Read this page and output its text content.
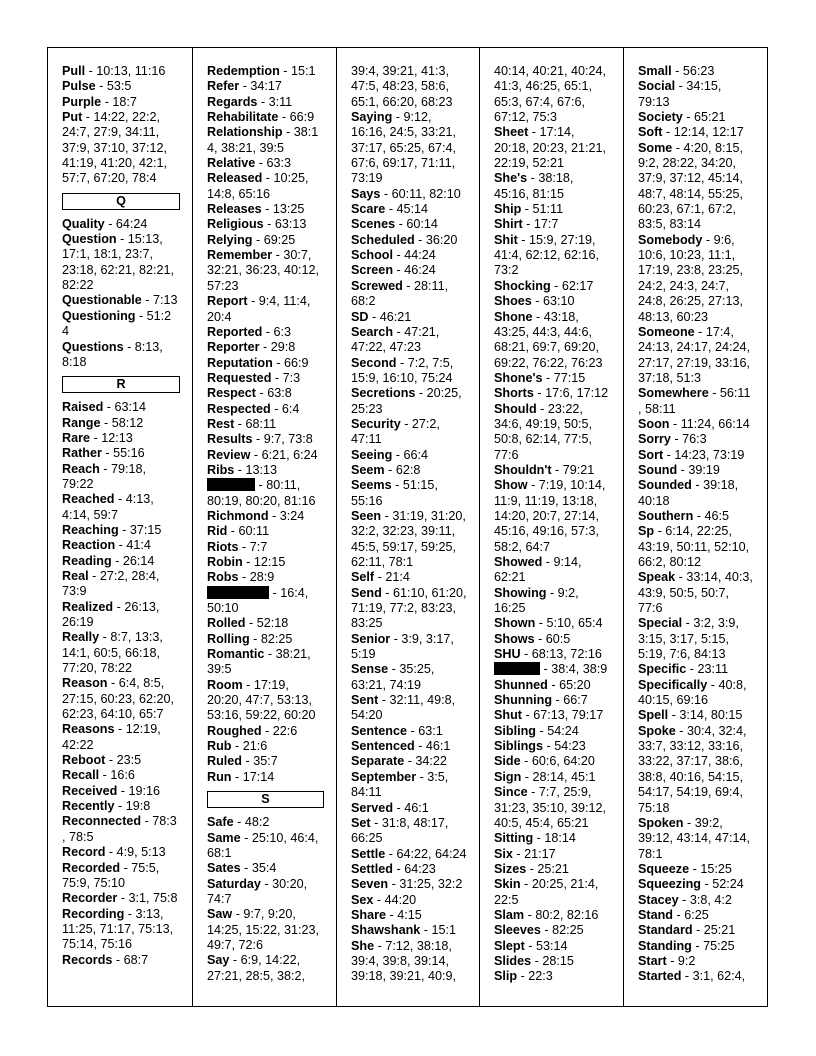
Pull - 10:13, 11:16
Pulse - 53:5
Purple - 18:7
Put - 14:22, 22:2,
24:7, 27:9, 34:11,
37:9, 37:10, 37:12,
41:19, 41:20, 42:1,
57:7, 67:20, 78:4
Q
Quality - 64:24
Question - 15:13,
17:1, 18:1, 23:7,
23:18, 62:21, 82:21,
82:22
Questionable - 7:13
Questioning - 51:2
4
Questions - 8:13,
8:18
R
Raised - 63:14
Range - 58:12
Rare - 12:13
Rather - 55:16
Reach - 79:18,
79:22
Reached - 4:13,
4:14, 59:7
Reaching - 37:15
Reaction - 41:4
Reading - 26:14
Real - 27:2, 28:4,
73:9
Realized - 26:13,
26:19
Really - 8:7, 13:3,
14:1, 60:5, 66:18,
77:20, 78:22
Reason - 6:4, 8:5,
27:15, 60:23, 62:20,
62:23, 64:10, 65:7
Reasons - 12:19,
42:22
Reboot - 23:5
Recall - 16:6
Received - 19:16
Recently - 19:8
Reconnected - 78:3
, 78:5
Record - 4:9, 5:13
Recorded - 75:5,
75:9, 75:10
Recorder - 3:1, 75:8
Recording - 3:13,
11:25, 71:17, 75:13,
75:14, 75:16
Records - 68:7
Redemption - 15:1
Refer - 34:17
Regards - 3:11
Rehabilitate - 66:9
Relationship - 38:1
4, 38:21, 39:5
Relative - 63:3
Released - 10:25,
14:8, 65:16
Releases - 13:25
Religious - 63:13
Relying - 69:25
Remember - 30:7,
32:21, 36:23, 40:12,
57:23
Report - 9:4, 11:4,
20:4
Reported - 6:3
Reporter - 29:8
Reputation - 66:9
Requested - 7:3
Respect - 63:8
Respected - 6:4
Rest - 68:11
Results - 9:7, 73:8
Review - 6:21, 6:24
Ribs - 13:13
- 80:11,
80:19, 80:20, 81:16
Richmond - 3:24
Rid - 60:11
Riots - 7:7
Robin - 12:15
Robs - 28:9
- 16:4,
50:10
Rolled - 52:18
Rolling - 82:25
Romantic - 38:21,
39:5
Room - 17:19,
20:20, 47:7, 53:13,
53:16, 59:22, 60:20
Roughed - 22:6
Rub - 21:6
Ruled - 35:7
Run - 17:14
S
Safe - 48:2
Same - 25:10, 46:4,
68:1
Sates - 35:4
Saturday - 30:20,
74:7
Saw - 9:7, 9:20,
14:25, 15:22, 31:23,
49:7, 72:6
Say - 6:9, 14:22,
27:21, 28:5, 38:2,
39:4, 39:21, 41:3,
47:5, 48:23, 58:6,
65:1, 66:20, 68:23
Saying - 9:12,
16:16, 24:5, 33:21,
37:17, 65:25, 67:4,
67:6, 69:17, 71:11,
73:19
Says - 60:11, 82:10
Scare - 45:14
Scenes - 60:14
Scheduled - 36:20
School - 44:24
Screen - 46:24
Screwed - 28:11,
68:2
SD - 46:21
Search - 47:21,
47:22, 47:23
Second - 7:2, 7:5,
15:9, 16:10, 75:24
Secretions - 20:25,
25:23
Security - 27:2,
47:11
Seeing - 66:4
Seem - 62:8
Seems - 51:15,
55:16
Seen - 31:19, 31:20,
32:2, 32:23, 39:11,
45:5, 59:17, 59:25,
62:11, 78:1
Self - 21:4
Send - 61:10, 61:20,
71:19, 77:2, 83:23,
83:25
Senior - 3:9, 3:17,
5:19
Sense - 35:25,
63:21, 74:19
Sent - 32:11, 49:8,
54:20
Sentence - 63:1
Sentenced - 46:1
Separate - 34:22
September - 3:5,
84:11
Served - 46:1
Set - 31:8, 48:17,
66:25
Settle - 64:22, 64:24
Settled - 64:23
Seven - 31:25, 32:2
Sex - 44:20
Share - 4:15
Shawshank - 15:1
She - 7:12, 38:18,
39:4, 39:8, 39:14,
39:18, 39:21, 40:9,
40:14, 40:21, 40:24,
41:3, 46:25, 65:1,
65:3, 67:4, 67:6,
67:12, 75:3
Sheet - 17:14,
20:18, 20:23, 21:21,
22:19, 52:21
She's - 38:18,
45:16, 81:15
Ship - 51:11
Shirt - 17:7
Shit - 15:9, 27:19,
41:4, 62:12, 62:16,
73:2
Shocking - 62:17
Shoes - 63:10
Shone - 43:18,
43:25, 44:3, 44:6,
68:21, 69:7, 69:20,
69:22, 76:22, 76:23
Shone's - 77:15
Shorts - 17:6, 17:12
Should - 23:22,
34:6, 49:19, 50:5,
50:8, 62:14, 77:5,
77:6
Shouldn't - 79:21
Show - 7:19, 10:14,
11:9, 11:19, 13:18,
14:20, 20:7, 27:14,
45:16, 49:16, 57:3,
58:2, 64:7
Showed - 9:14,
62:21
Showing - 9:2,
16:25
Shown - 5:10, 65:4
Shows - 60:5
SHU - 68:13, 72:16
- 38:4, 38:9
Shunned - 65:20
Shunning - 66:7
Shut - 67:13, 79:17
Sibling - 54:24
Siblings - 54:23
Side - 60:6, 64:20
Sign - 28:14, 45:1
Since - 7:7, 25:9,
31:23, 35:10, 39:12,
40:5, 45:4, 65:21
Sitting - 18:14
Six - 21:17
Sizes - 25:21
Skin - 20:25, 21:4,
22:5
Slam - 80:2, 82:16
Sleeves - 82:25
Slept - 53:14
Slides - 28:15
Slip - 22:3
Small - 56:23
Social - 34:15,
79:13
Society - 65:21
Soft - 12:14, 12:17
Some - 4:20, 8:15,
9:2, 28:22, 34:20,
37:9, 37:12, 45:14,
48:7, 48:14, 55:25,
60:23, 67:1, 67:2,
83:5, 83:14
Somebody - 9:6,
10:6, 10:23, 11:1,
17:19, 23:8, 23:25,
24:2, 24:3, 24:7,
24:8, 26:25, 27:13,
48:13, 60:23
Someone - 17:4,
24:13, 24:17, 24:24,
27:17, 27:19, 33:16,
37:18, 51:3
Somewhere - 56:11
, 58:11
Soon - 11:24, 66:14
Sorry - 76:3
Sort - 14:23, 73:19
Sound - 39:19
Sounded - 39:18,
40:18
Southern - 46:5
Sp - 6:14, 22:25,
43:19, 50:11, 52:10,
66:2, 80:12
Speak - 33:14, 40:3,
43:9, 50:5, 50:7,
77:6
Special - 3:2, 3:9,
3:15, 3:17, 5:15,
5:19, 7:6, 84:13
Specific - 23:11
Specifically - 40:8,
40:15, 69:16
Spell - 3:14, 80:15
Spoke - 30:4, 32:4,
33:7, 33:12, 33:16,
33:22, 37:17, 38:6,
38:8, 40:16, 54:15,
54:17, 54:19, 69:4,
75:18
Spoken - 39:2,
39:12, 43:14, 47:14,
78:1
Squeeze - 15:25
Squeezing - 52:24
Stacey - 3:8, 4:2
Stand - 6:25
Standard - 25:21
Standing - 75:25
Start - 9:2
Started - 3:1, 62:4,
